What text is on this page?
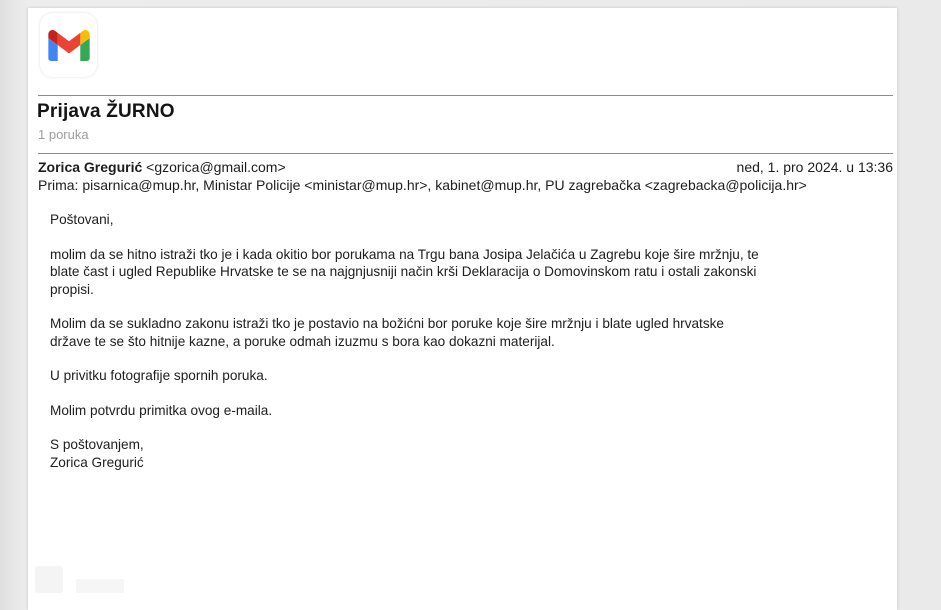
Prijava ŽURNO
1 poruka
Zorica Gregurić <gzorica@gmail.com>	ned, 1. pro 2024. u 13:36
Prima: pisarnica@mup.hr, Ministar Policije <ministar@mup.hr>, kabinet@mup.hr, PU zagrebačka <zagrebacka@policija.hr>
Poštovani,
molim da se hitno istraži tko je i kada okitio bor porukama na Trgu bana Josipa Jelačića u Zagrebu koje šire mržnju, te
blate čast i ugled Republike Hrvatske te se na najgnjusniji način krši Deklaracija o Domovinskom ratu i ostali zakonski
propisi.
Molim da se sukladno zakonu istraži tko je postavio na božićni bor poruke koje šire mržnju i blate ugled hrvatske
države te se što hitnije kazne, a poruke odmah izuzmu s bora kao dokazni materijal.
U privitku fotografije spornih poruka.
Molim potvrdu primitka ovog e-maila.
S poštovanjem,
Zorica Gregurić
